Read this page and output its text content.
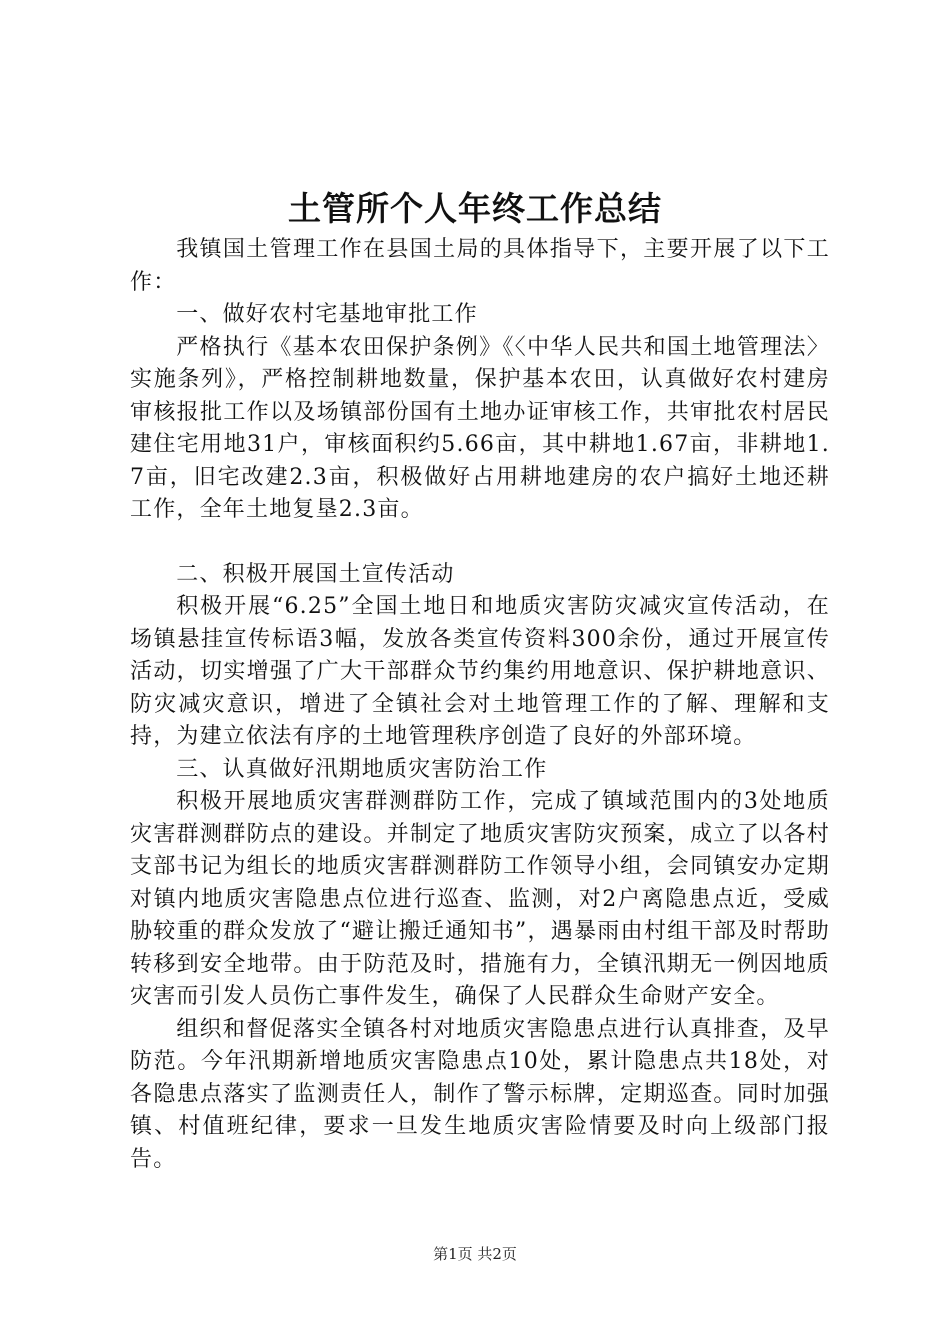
土管所个人年终工作总结

我镇国土管理工作在县国土局的具体指导下，主要开展了以下工作：

一、做好农村宅基地审批工作

严格执行《基本农田保护条例》《〈中华人民共和国土地管理法〉实施条列》，严格控制耕地数量，保护基本农田，认真做好农村建房审核报批工作以及场镇部份国有土地办证审核工作，共审批农村居民建住宅用地31户，审核面积约5.66亩，其中耕地1.67亩，非耕地1.7亩，旧宅改建2.3亩，积极做好占用耕地建房的农户搞好土地还耕工作，全年土地复垦2.3亩。

二、积极开展国土宣传活动

积极开展“6.25”全国土地日和地质灾害防灾减灾宣传活动，在场镇悬挂宣传标语3幅，发放各类宣传资料300余份，通过开展宣传活动，切实增强了广大干部群众节约集约用地意识、保护耕地意识、防灾减灾意识，增进了全镇社会对土地管理工作的了解、理解和支持，为建立依法有序的土地管理秩序创造了良好的外部环境。

三、认真做好汛期地质灾害防治工作

积极开展地质灾害群测群防工作，完成了镇域范围内的3处地质灾害群测群防点的建设。并制定了地质灾害防灾预案，成立了以各村支部书记为组长的地质灾害群测群防工作领导小组，会同镇安办定期对镇内地质灾害隐患点位进行巡查、监测，对2户离隐患点近，受威胁较重的群众发放了“避让搬迁通知书”，遇暴雨由村组干部及时帮助转移到安全地带。由于防范及时，措施有力，全镇汛期无一例因地质灾害而引发人员伤亡事件发生，确保了人民群众生命财产安全。

组织和督促落实全镇各村对地质灾害隐患点进行认真排查，及早防范。今年汛期新增地质灾害隐患点10处，累计隐患点共18处，对各隐患点落实了监测责任人，制作了警示标牌，定期巡查。同时加强镇、村值班纪律，要求一旦发生地质灾害险情要及时向上级部门报告。

第1页 共2页
